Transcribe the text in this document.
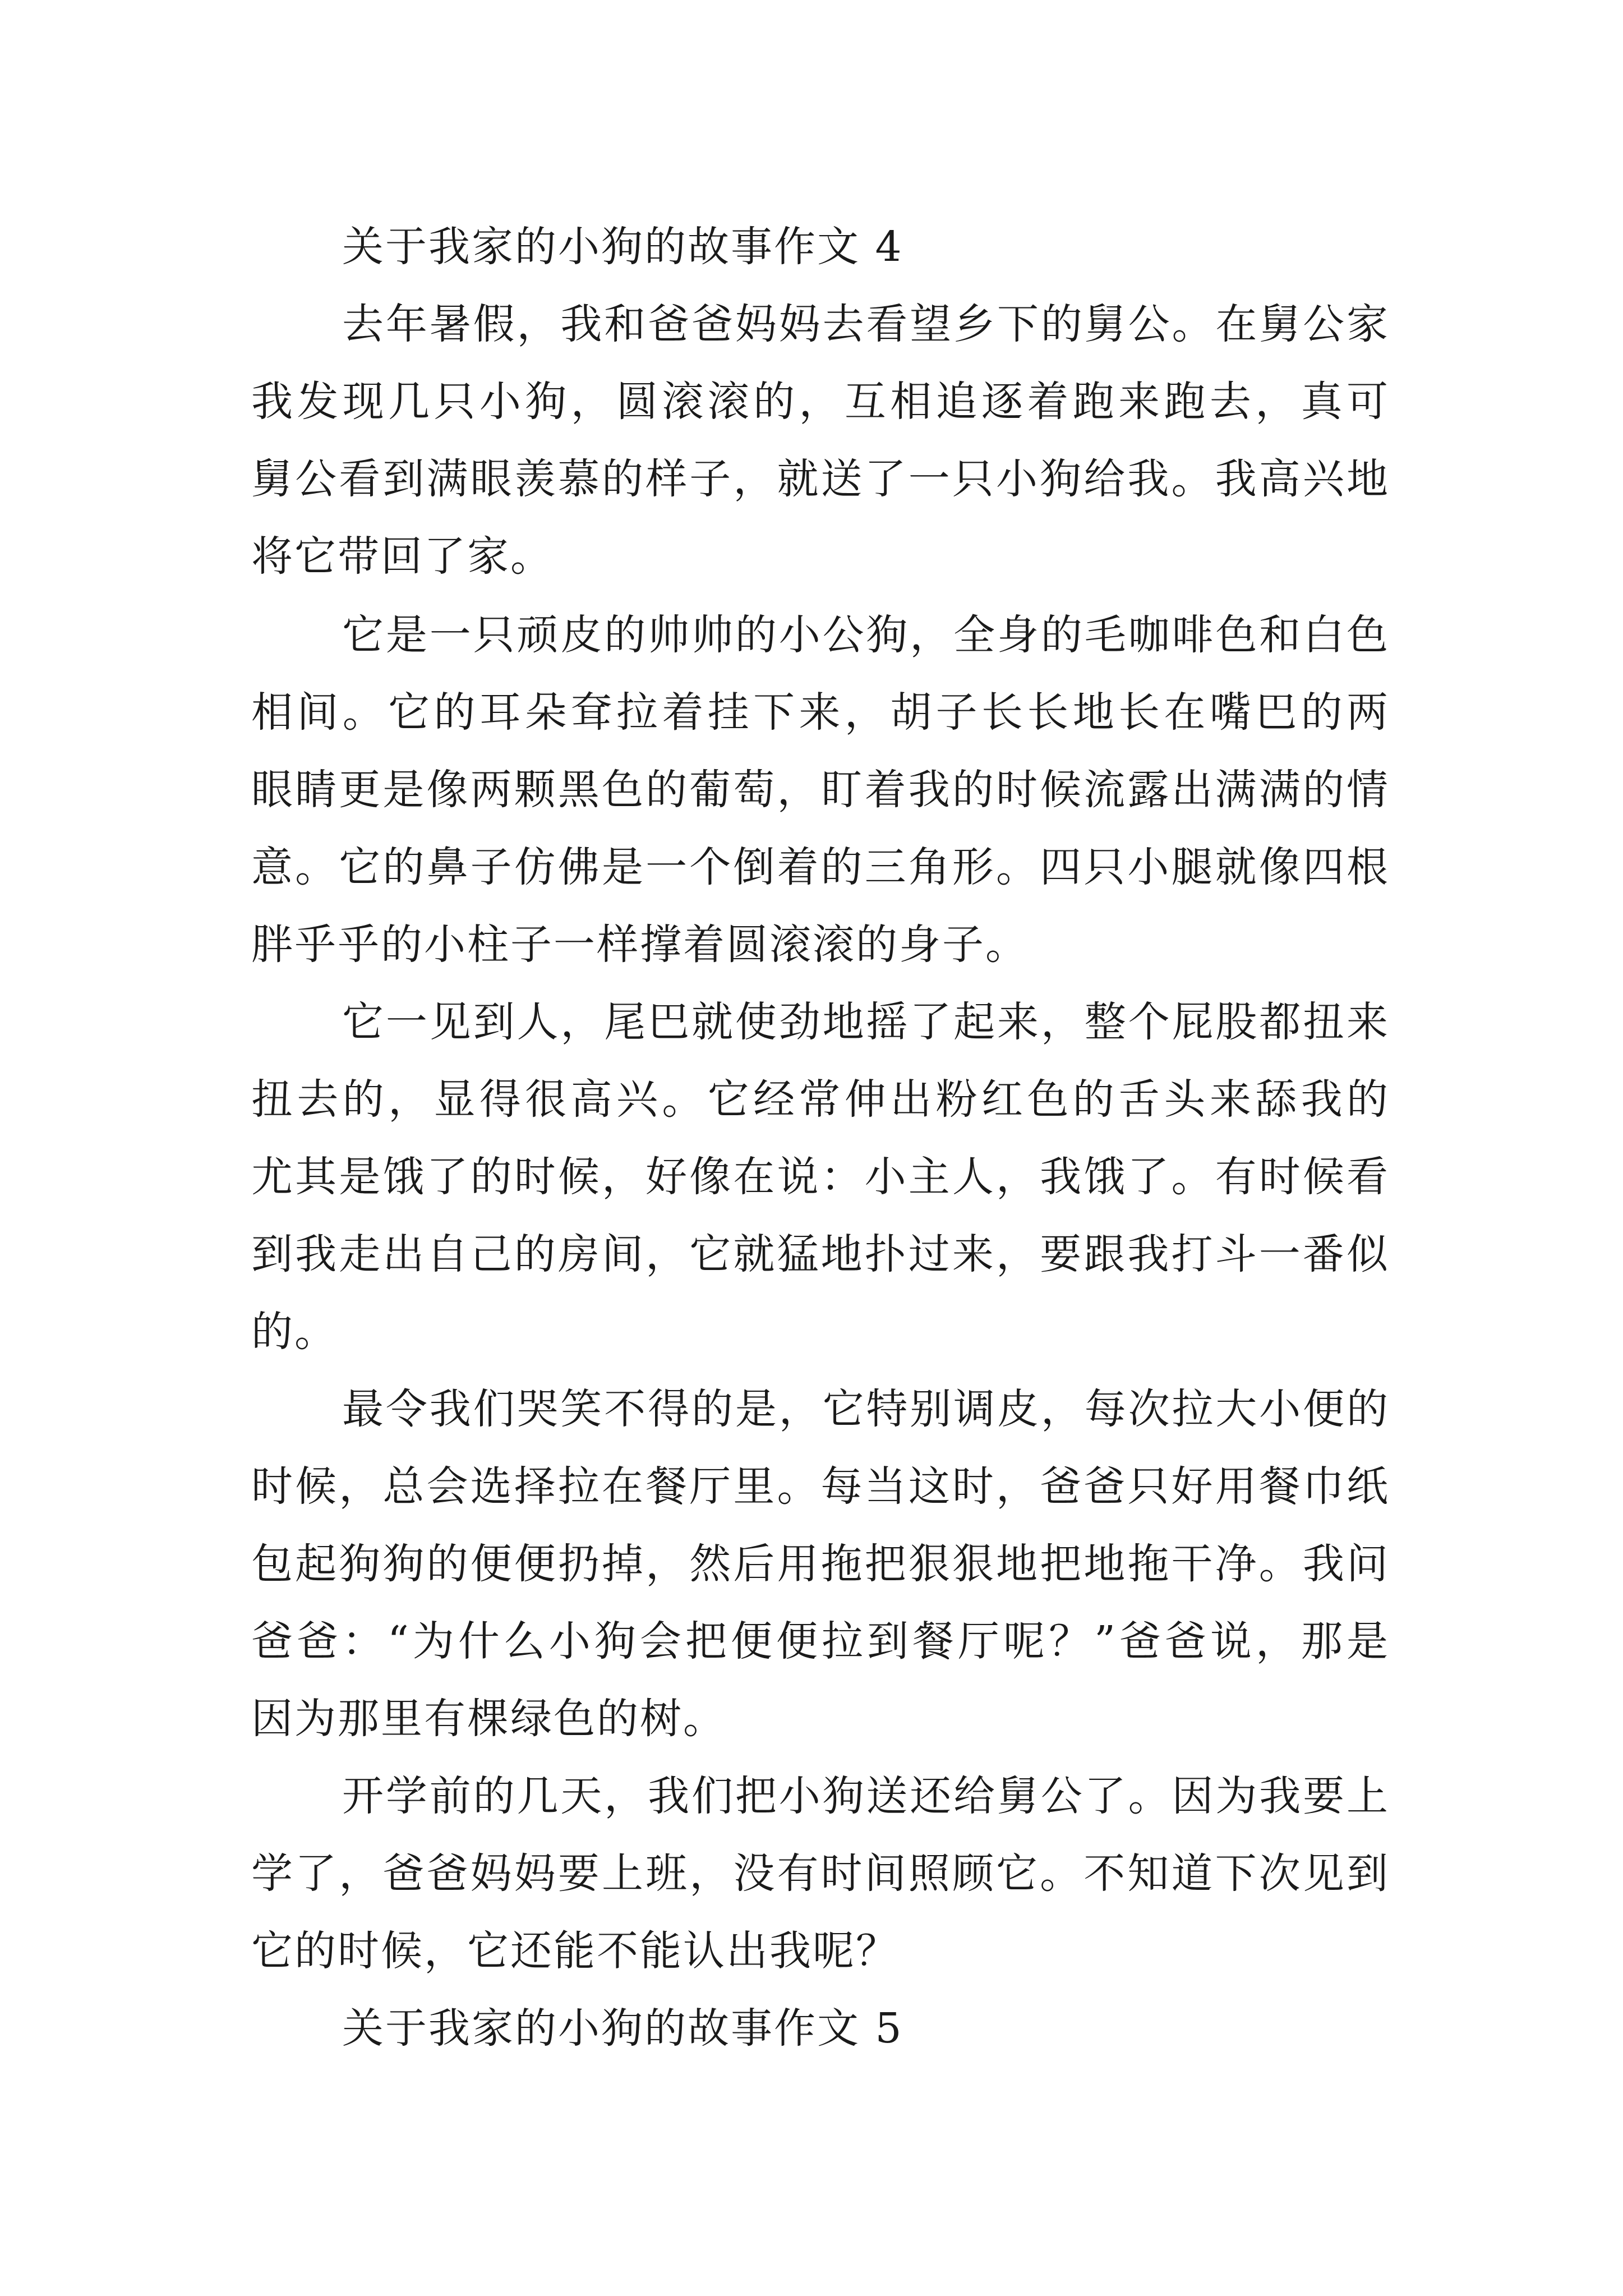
关于我家的小狗的故事作文 4
去年暑假，我和爸爸妈妈去看望乡下的舅公。在舅公家
我发现几只小狗，圆滚滚的，互相追逐着跑来跑去，真可
舅公看到满眼羡慕的样子，就送了一只小狗给我。我高兴地
将它带回了家。
它是一只顽皮的帅帅的小公狗，全身的毛咖啡色和白色
相间。它的耳朵耷拉着挂下来，胡子长长地长在嘴巴的两
眼睛更是像两颗黑色的葡萄，盯着我的时候流露出满满的情
意。它的鼻子仿佛是一个倒着的三角形。四只小腿就像四根
胖乎乎的小柱子一样撑着圆滚滚的身子。
它一见到人，尾巴就使劲地摇了起来，整个屁股都扭来
扭去的，显得很高兴。它经常伸出粉红色的舌头来舔我的
尤其是饿了的时候，好像在说：小主人，我饿了。有时候看
到我走出自己的房间，它就猛地扑过来，要跟我打斗一番似
的。
最令我们哭笑不得的是，它特别调皮，每次拉大小便的
时候，总会选择拉在餐厅里。每当这时，爸爸只好用餐巾纸
包起狗狗的便便扔掉，然后用拖把狠狠地把地拖干净。我问
爸爸：“为什么小狗会把便便拉到餐厅呢？”爸爸说，那是
因为那里有棵绿色的树。
开学前的几天，我们把小狗送还给舅公了。因为我要上
学了，爸爸妈妈要上班，没有时间照顾它。不知道下次见到
它的时候，它还能不能认出我呢？
关于我家的小狗的故事作文 5
